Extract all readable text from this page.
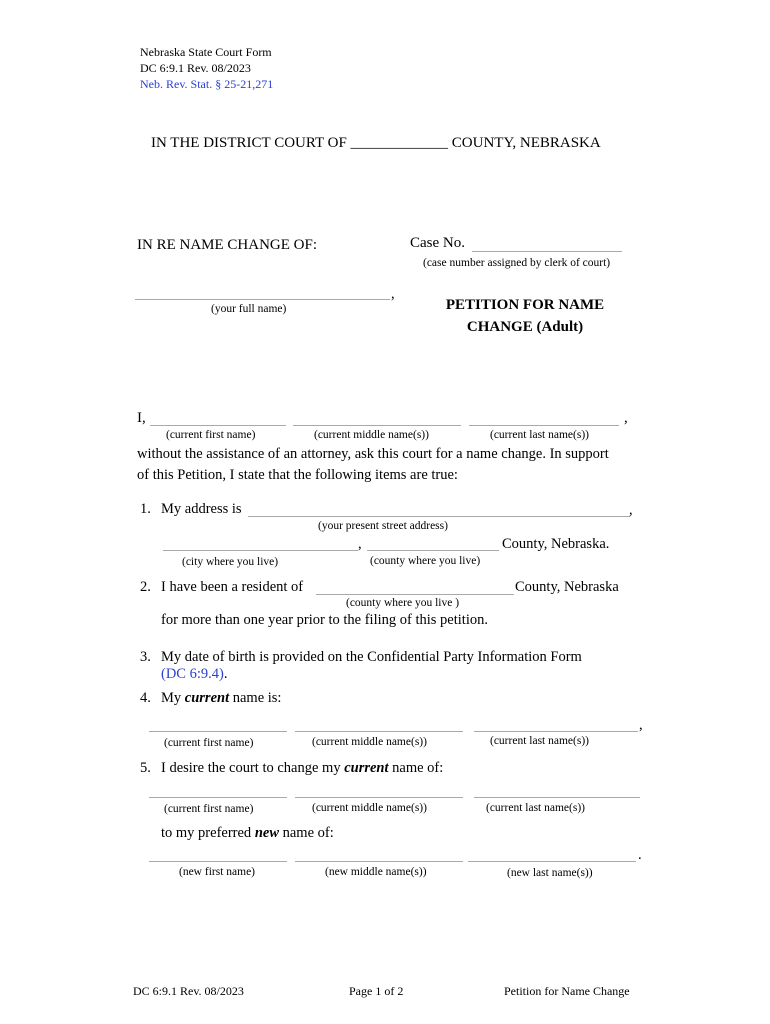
Nebraska State Court Form
DC 6:9.1 Rev. 08/2023
Neb. Rev. Stat. § 25-21,271
IN THE DISTRICT COURT OF _____________ COUNTY, NEBRASKA
IN RE NAME CHANGE OF:	Case No.
(case number assigned by clerk of court)
,
(your full name)	PETITION FOR NAME
CHANGE (Adult)
I,	,
(current first name)	(current middle name(s))	(current last name(s))
without the assistance of an attorney, ask this court for a name change. In support
of this Petition, I state that the following items are true:
1. My address is	,
(your present street address)
,	County, Nebraska.
(city where you live)	(county where you live)
2. I have been a resident of	County, Nebraska
(county where you live )
for more than one year prior to the filing of this petition.
3. My date of birth is provided on the Confidential Party Information Form
(DC 6:9.4).
4. My current name is:
,
(current first name)	(current middle name(s))	(current last name(s))
5. I desire the court to change my current name of:
(current first name)	(current middle name(s))	(current last name(s))
to my preferred new name of:
.
(new first name)	(new middle name(s))	(new last name(s))
DC 6:9.1 Rev. 08/2023	Page 1 of 2	Petition for Name Change
